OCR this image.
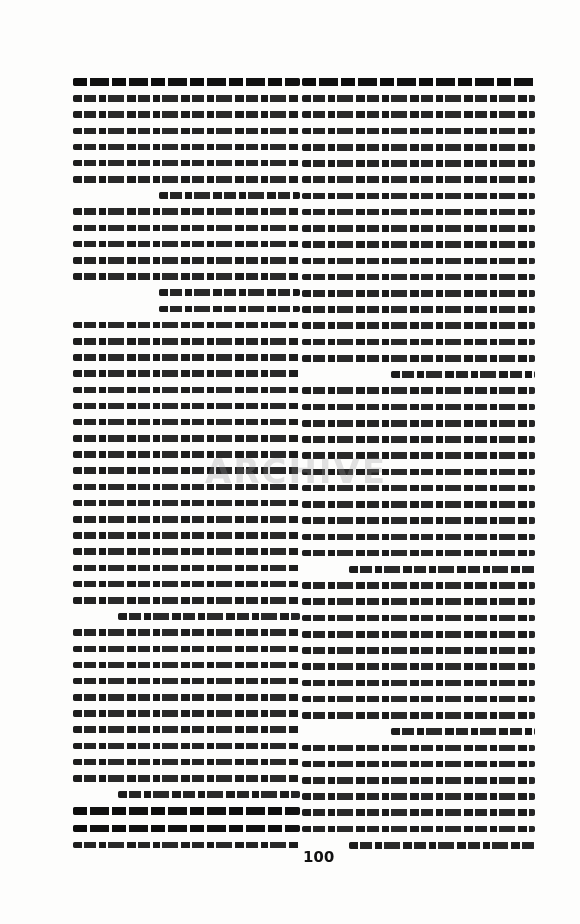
ARCHIVE
100
